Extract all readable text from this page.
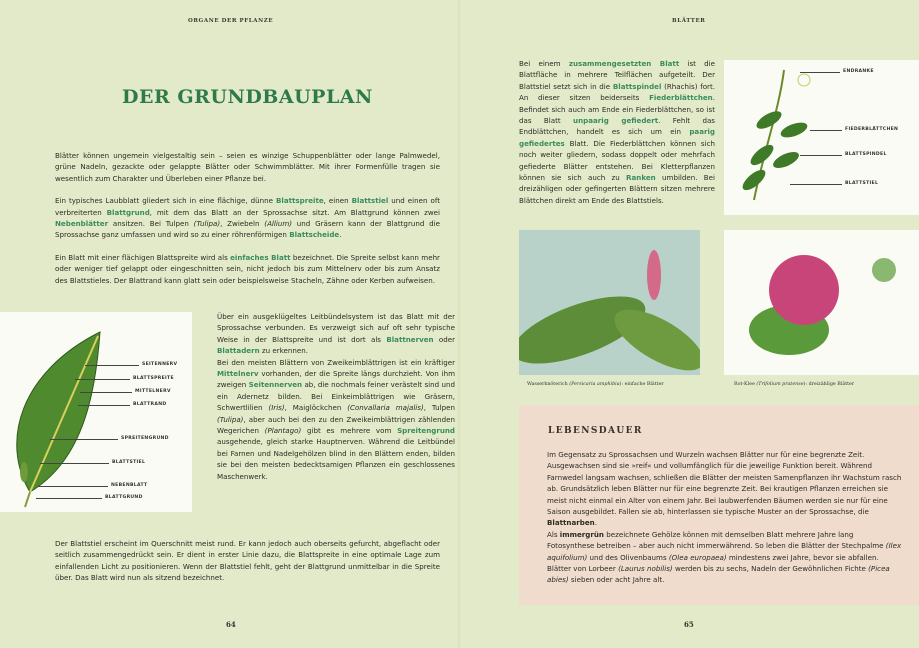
ORGANE DER PFLANZE	BLÄTTER
DER GRUNDBAUPLAN

Blätter können ungemein vielgestaltig sein – seien es winzige Schuppenblätter oder lange Palmwedel, grüne Nadeln, gezackte oder gelappte Blätter oder Schwimmblätter. Mit ihrer Formenfülle tragen sie wesentlich zum Charakter und Überleben einer Pflanze bei.

Ein typisches Laubblatt gliedert sich in eine flächige, dünne Blattspreite, einen Blattstiel und einen oft verbreiterten Blattgrund, mit dem das Blatt an der Sprossachse sitzt. Am Blattgrund können zwei Nebenblätter ansitzen. Bei Tulpen (Tulipa), Zwiebeln (Allium) und Gräsern kann der Blattgrund die Sprossachse ganz umfassen und wird so zu einer röhrenförmigen Blattscheide.

Ein Blatt mit einer flächigen Blattspreite wird als einfaches Blatt bezeichnet. Die Spreite selbst kann mehr oder weniger tief gelappt oder eingeschnitten sein, nicht jedoch bis zum Mittelnerv oder bis zum Ansatz des Blattstieles. Der Blattrand kann glatt sein oder beispielsweise Stacheln, Zähne oder Kerben aufweisen.

SEITENNERV
BLATTSPREITE
MITTELNERV
BLATTRAND
SPREITENGRUND
BLATTSTIEL
NEBENBLATT
BLATTGRUND

Über ein ausgeklügeltes Leitbündelsystem ist das Blatt mit der Sprossachse verbunden. Es verzweigt sich auf oft sehr typische Weise in der Blattspreite und ist dort als Blattnerven oder Blattadern zu erkennen.

Bei den meisten Blättern von Zweikeimblättrigen ist ein kräftiger Mittelnerv vorhanden, der die Spreite längs durchzieht. Von ihm zweigen Seitennerven ab, die nochmals feiner verästelt sind und ein Adernetz bilden. Bei Einkeimblättrigen wie Gräsern, Schwertlilien (Iris), Maiglöckchen (Convallaria majalis), Tulpen (Tulipa), aber auch bei den zu den Zweikeimblättrigen zählenden Wegerichen (Plantago) gibt es mehrere vom Spreitengrund ausgehende, gleich starke Hauptnerven. Während die Leitbündel bei Farnen und Nadelgehölzen blind in den Blättern enden, bilden sie bei den meisten bedecktsamigen Pflanzen ein geschlossenes Maschenwerk.

Der Blattstiel erscheint im Querschnitt meist rund. Er kann jedoch auch oberseits gefurcht, abgeflacht oder seitlich zusammengedrückt sein. Er dient in erster Linie dazu, die Blattspreite in eine optimale Lage zum einfallenden Licht zu positionieren. Wenn der Blattstiel fehlt, geht der Blattgrund unmittelbar in die Spreite über. Das Blatt wird nun als sitzend bezeichnet.

64

Bei einem zusammengesetzten Blatt ist die Blattfläche in mehrere Teilflächen aufgeteilt. Der Blattstiel setzt sich in die Blattspindel (Rhachis) fort. An dieser sitzen beiderseits Fiederblättchen. Befindet sich auch am Ende ein Fiederblättchen, so ist das Blatt unpaarig gefiedert. Fehlt das Endblättchen, handelt es sich um ein paarig gefiedertes Blatt. Die Fiederblättchen können sich noch weiter gliedern, sodass doppelt oder mehrfach gefiederte Blätter entstehen. Bei Kletterpflanzen können sie sich auch zu Ranken umbilden. Bei dreizähligen oder gefingerten Blättern sitzen mehrere Blättchen direkt am Ende des Blattstiels.

ENDRANKE
FIEDERBLÄTTCHEN
BLATTSPINDEL
BLATTSTIEL
Wasserknöterich (Persicaria amphibia): einfache Blätter	Rot-Klee (Trifolium pratense): dreizählige Blätter
LEBENSDAUER

Im Gegensatz zu Sprossachsen und Wurzeln wachsen Blätter nur für eine begrenzte Zeit. Ausgewachsen sind sie »reif« und vollumfänglich für die jeweilige Funktion bereit. Während Farnwedel langsam wachsen, schließen die Blätter der meisten Samenpflanzen ihr Wachstum rasch ab. Grundsätzlich leben Blätter nur für eine begrenzte Zeit. Bei krautigen Pflanzen erreichen sie meist nicht einmal ein Alter von einem Jahr. Bei laubwerfenden Bäumen werden sie nur für eine Saison ausgebildet. Fallen sie ab, hinterlassen sie typische Muster an der Sprossachse, die Blattnarben.

Als immergrün bezeichnete Gehölze können mit demselben Blatt mehrere Jahre lang Fotosynthese betreiben – aber auch nicht immerwährend. So leben die Blätter der Stechpalme (Ilex aquifolium) und des Olivenbaums (Olea europaea) mindestens zwei Jahre, bevor sie abfallen. Blätter von Lorbeer (Laurus nobilis) werden bis zu sechs, Nadeln der Gewöhnlichen Fichte (Picea abies) sieben oder acht Jahre alt.

65
